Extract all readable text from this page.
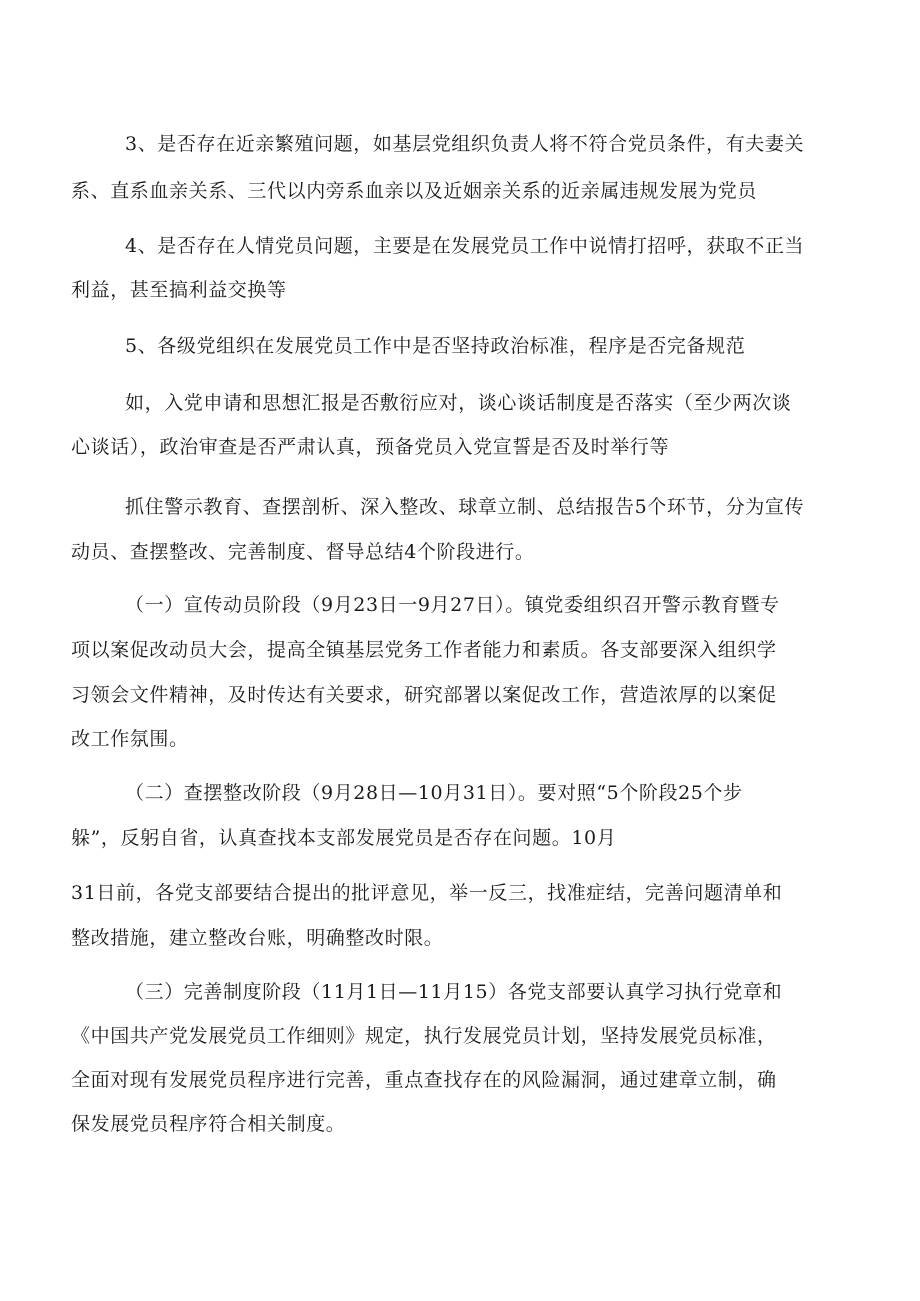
3、是否存在近亲繁殖问题，如基层党组织负责人将不符合党员条件，有夫妻关
系、直系血亲关系、三代以内旁系血亲以及近姻亲关系的近亲属违规发展为党员
4、是否存在人情党员问题，主要是在发展党员工作中说情打招呼，获取不正当
利益，甚至搞利益交换等
5、各级党组织在发展党员工作中是否坚持政治标准，程序是否完备规范
如，入党申请和思想汇报是否敷衍应对，谈心谈话制度是否落实（至少两次谈
心谈话），政治审查是否严肃认真，预备党员入党宣誓是否及时举行等
抓住警示教育、查摆剖析、深入整改、球章立制、总结报告5个环节，分为宣传
动员、查摆整改、完善制度、督导总结4个阶段进行。
（一）宣传动员阶段（9月23日一9月27日）。镇党委组织召开警示教育暨专
项以案促改动员大会，提高全镇基层党务工作者能力和素质。各支部要深入组织学
习领会文件精神，及时传达有关要求，研究部署以案促改工作，营造浓厚的以案促
改工作氛围。
（二）查摆整改阶段（9月28日—10月31日）。要对照“5个阶段25个步
躲”，反躬自省，认真查找本支部发展党员是否存在问题。10月
31日前，各党支部要结合提出的批评意见，举一反三，找准症结，完善问题清单和
整改措施，建立整改台账，明确整改时限。
（三）完善制度阶段（11月1日—11月15）各党支部要认真学习执行党章和
《中国共产党发展党员工作细则》规定，执行发展党员计划，坚持发展党员标准，
全面对现有发展党员程序进行完善，重点查找存在的风险漏洞，通过建章立制，确
保发展党员程序符合相关制度。
